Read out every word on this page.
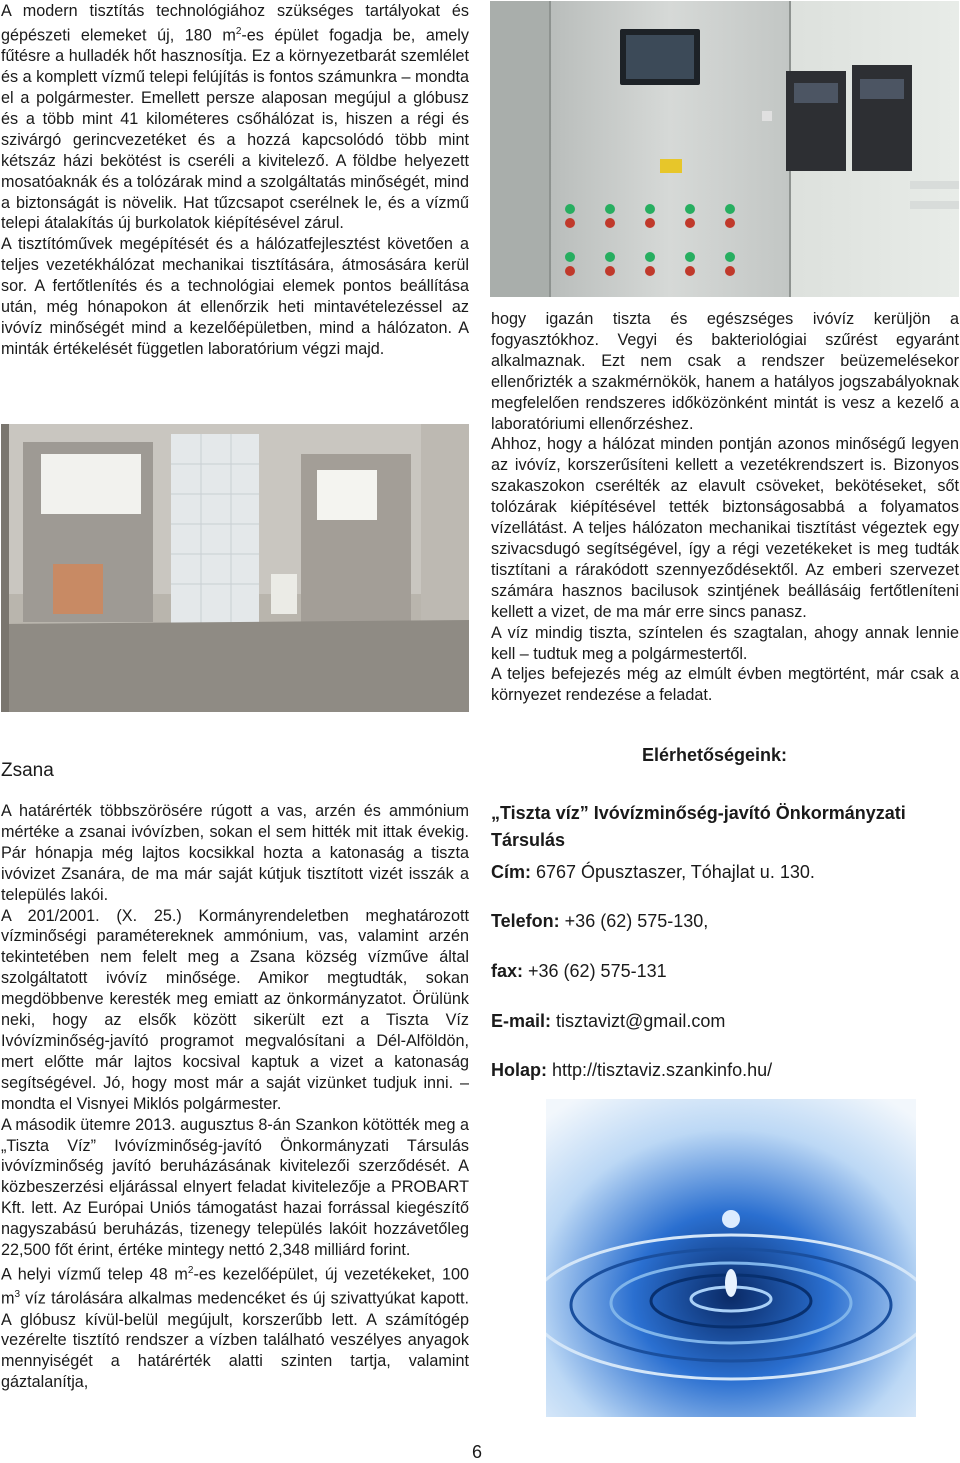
A modern tisztítás technológiához szükséges tartályokat és gépészeti elemeket új, 180 $m^2-es$ épület fogadja be, amely fűtésre a hulladék hőt hasznosítja. Ez a környezetbarát szemlélet és a komplett vízmű telepi felújítás is fontos számunkra – mondta el a polgármester. Emellett persze alaposan megújul a glóbusz és a több mint 41 kilométeres csőhálózat is, hiszen a régi és szivárgó gerincvezetéket és a hozzá kapcsolódó több mint kétszáz házi bekötést is cseréli a kivitelező. A földbe helyezett mosatóaknák és a tolózárak mind a szolgáltatás minőségét, mind a biztonságát is növelik. Hat tűzcsapot cserélnek le, és a vízmű telepi átalakítás új burkolatok kiépítésével zárul.

A tisztítóművek megépítését és a hálózatfejlesztést követően a teljes vezetékhálózat mechanikai tisztítására, átmosására kerül sor. A fertőtlenítés és a technológiai elemek pontos beállítása után, még hónapokon át ellenőrzik heti mintavételezéssel az ivóvíz minőségét mind a kezelőépületben, mind a hálózaton. A minták értékelését független laboratórium végzi majd.

hogy igazán tiszta és egészséges ivóvíz kerüljön a fogyasztókhoz. Vegyi és bakteriológiai szűrést egyaránt alkalmaznak. Ezt nem csak a rendszer beüzemelésekor ellenőrizték a szakmérnökök, hanem a hatályos jogszabályoknak megfelelően rendszeres időközönként mintát is vesz a kezelő a laboratóriumi ellenőrzéshez.

Ahhoz, hogy a hálózat minden pontján azonos minőségű legyen az ivóvíz, korszerűsíteni kellett a vezetékrendszert is. Bizonyos szakaszokon cserélték az elavult csöveket, bekötéseket, sőt tolózárak kiépítésével tették biztonságosabbá a folyamatos vízellátást. A teljes hálózaton mechanikai tisztítást végeztek egy szivacsdugó segítségével, így a régi vezetékeket is meg tudták tisztítani a rárakódott szennyeződésektől. Az emberi szervezet számára hasznos bacilusok szintjének beállásáig fertőtleníteni kellett a vizet, de ma már erre sincs panasz.

A víz mindig tiszta, színtelen és szagtalan, ahogy annak lennie kell – tudtuk meg a polgármestertől.

A teljes befejezés még az elmúlt évben megtörtént, már csak a környezet rendezése a feladat.

Zsana

A határérték többszörösére rúgott a vas, arzén és ammónium mértéke a zsanai ivóvízben, sokan el sem hitték mit ittak évekig. Pár hónapja még lajtos kocsikkal hozta a katonaság a tiszta ivóvizet Zsanára, de ma már saját kútjuk tisztított vizét isszák a település lakói.

A 201/2001. (X. 25.) Kormányrendeletben meghatározott vízminőségi paramétereknek ammónium, vas, valamint arzén tekintetében nem felelt meg a Zsana község vízműve által szolgáltatott ivóvíz minősége. Amikor megtudták, sokan megdöbbenve keresték meg emiatt az önkormányzatot. Örülünk neki, hogy az elsők között sikerült ezt a Tiszta Víz Ivóvízminőség-javító programot megvalósítani a Dél-Alföldön, mert előtte már lajtos kocsival kaptuk a vizet a katonaság segítségével. Jó, hogy most már a saját vizünket tudjuk inni. – mondta el Visnyei Miklós polgármester.

A második ütemre 2013. augusztus 8-án Szankon kötötték meg a „Tiszta Víz” Ivóvízminőség-javító Önkormányzati Társulás ivóvízminőség javító beruházásának kivitelezői szerződését. A közbeszerzési eljárással elnyert feladat kivitelezője a PROBART Kft. lett. Az Európai Uniós támogatást hazai forrással kiegészítő nagyszabású beruházás, tizenegy település lakóit hozzávetőleg 22,500 főt érint, értéke mintegy nettó 2,348 milliárd forint.

A helyi vízmű telep 48 $m^2-es$ kezelőépület, új vezetékeket, 100 $m^3$ víz tárolására alkalmas medencéket és új szivattyúkat kapott. A glóbusz kívül-belül megújult, korszerűbb lett. A számítógép vezérelte tisztító rendszer a vízben található veszélyes anyagok mennyiségét a határérték alatti szinten tartja, valamint gáztalanítja,

Elérhetőségeink:
„Tiszta víz” Ivóvízminőség-javító Önkormányzati Társulás
Cím: 6767 Ópusztaszer, Tóhajlat u. 130.
Telefon: +36 (62) 575-130,
fax: +36 (62) 575-131
E-mail: tisztavizt@gmail.com
Holap: http://tisztaviz.szankinfo.hu/
6
